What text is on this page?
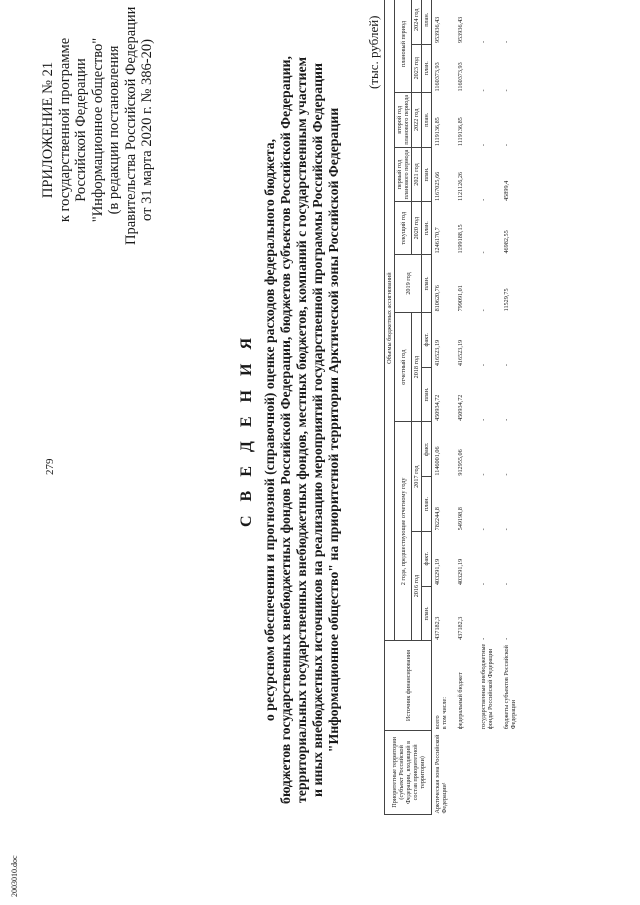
279
ПРИЛОЖЕНИЕ № 21 к государственной программе Российской Федерации "Информационное общество" (в редакции постановления Правительства Российской Федерации от 31 марта 2020 г. № 386-20)
С В Е Д Е Н И Я о ресурсном обеспечении и прогнозной (справочной) оценке расходов федерального бюджета, бюджетов государственных внебюджетных фондов Российской Федерации, бюджетов субъектов Российской Федерации, территориальных государственных внебюджетных фондов, местных бюджетов, компаний с государственным участием и иных внебюджетных источников на реализацию мероприятий государственной программы Российской Федерации "Информационное общество" на приоритетной территории Арктической зоны Российской Федерации
(тыс. рублей)
2003010.doc
Приоритетные территории (субъект Российской Федерации, входящий в состав приоритетной территории)	Источник финансирования	Объемы бюджетных ассигнований											
		2 года, предшествующие отчетному году				отчетный год		2019 год	текущий год	первый год планового периода	второй год планового периода	плановый период	

		2016 год		2017 год		2018 год			2020 год	2021 год	2022 год	2023 год	2024 год
		план.	факт.	план.	факт.	план.	факт.	план.	план.	план.	план.	план.	план.
Арктическая зона Российской Федерации¹	всего в том числе:	437182,3	403291,19	782244,8	1146001,06	450934,72	416523,19	810620,76	1246170,7	1167025,66	1119136,85	1160373,93	953936,43
	федеральный бюджет	437182,3	403291,19	549198,8	912955,06	450934,72	416523,19	799091,01	1199188,15	1121126,26	1119136,85	1160373,93	953936,43
	государственные внебюджетные фонды Российской Федерации	-	-	-	-	-	-	-	-	-	-	-	-
	бюджеты субъектов Российской Федерации	-	-	-	-	-	-	11529,75	46982,55	45899,4	-	-	-
